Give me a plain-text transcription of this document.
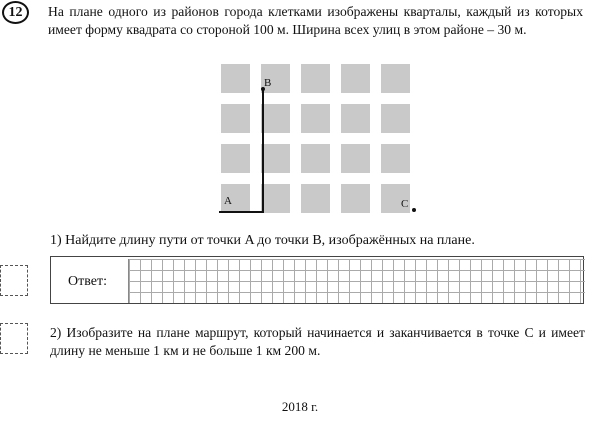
12	На плане одного из районов города клетками изображены кварталы, каждый из которых имеет форму квадрата со стороной 100 м. Ширина всех улиц в этом районе – 30 м.

A
B
C

1) Найдите длину пути от точки A до точки B, изображённых на плане.

Ответ:

2) Изобразите на плане маршрут, который начинается и заканчивается в точке C и имеет длину не меньше 1 км и не больше 1 км 200 м.

2018 г.
